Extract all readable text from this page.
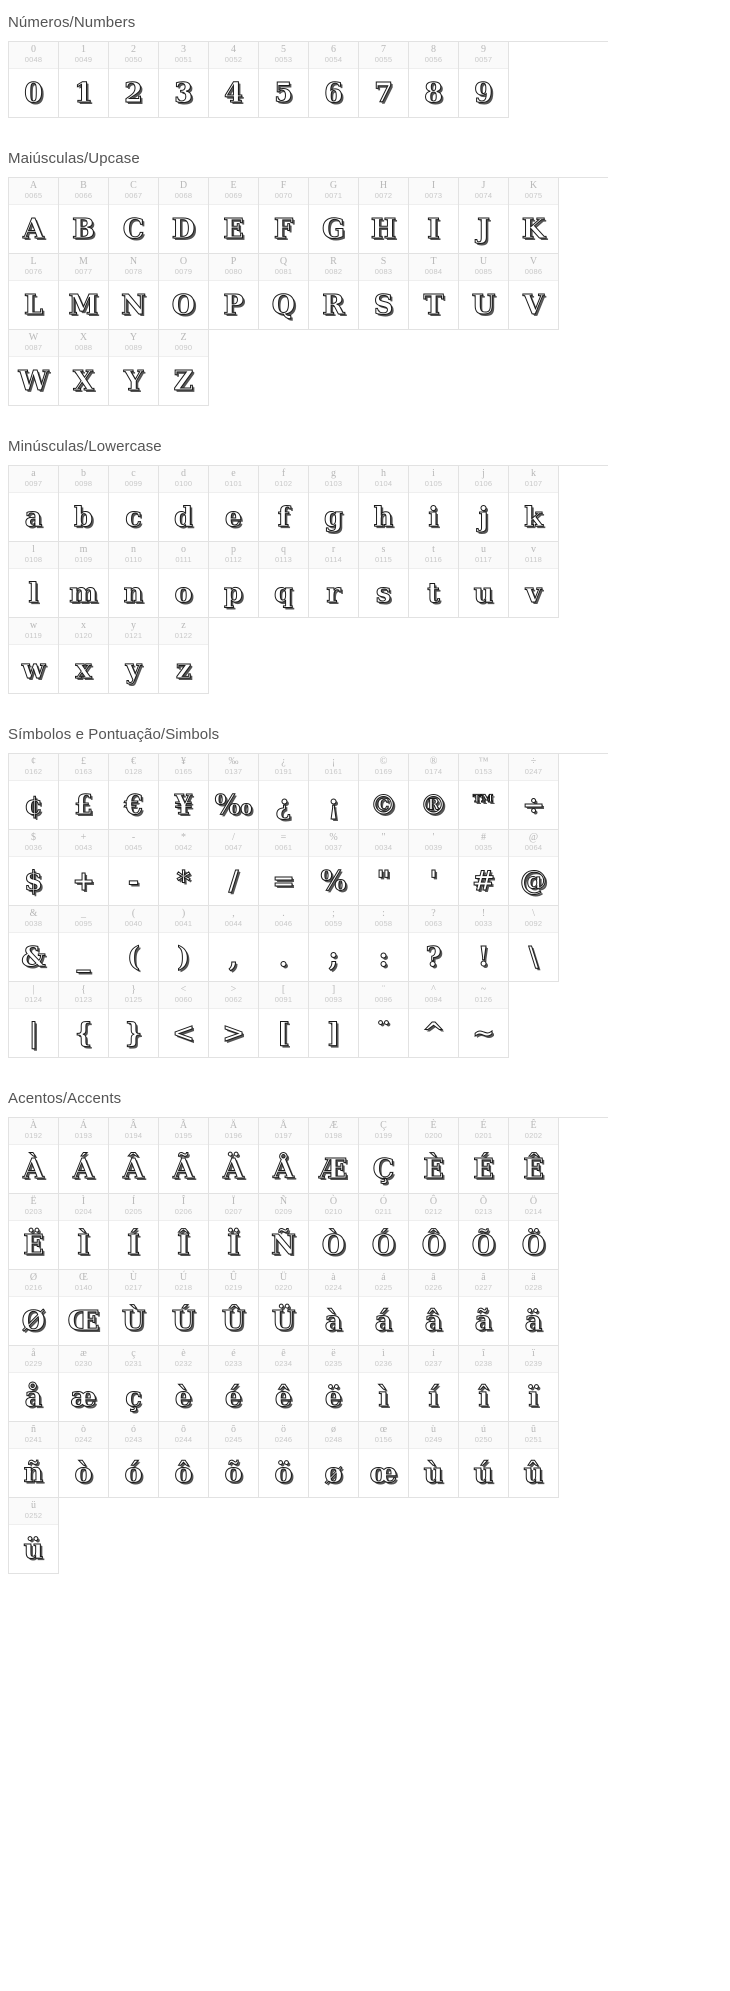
Números/Numbers
0
0048
0
1
0049
1
2
0050
2
3
0051
3
4
0052
4
5
0053
5
6
0054
6
7
0055
7
8
0056
8
9
0057
9
Maiúsculas/Upcase
A
0065
A
B
0066
B
C
0067
C
D
0068
D
E
0069
E
F
0070
F
G
0071
G
H
0072
H
I
0073
I
J
0074
J
K
0075
K
L
0076
L
M
0077
M
N
0078
N
O
0079
O
P
0080
P
Q
0081
Q
R
0082
R
S
0083
S
T
0084
T
U
0085
U
V
0086
V
W
0087
W
X
0088
X
Y
0089
Y
Z
0090
Z
Minúsculas/Lowercase
a
0097
a
b
0098
b
c
0099
c
d
0100
d
e
0101
e
f
0102
f
g
0103
g
h
0104
h
i
0105
i
j
0106
j
k
0107
k
l
0108
l
m
0109
m
n
0110
n
o
0111
o
p
0112
p
q
0113
q
r
0114
r
s
0115
s
t
0116
t
u
0117
u
v
0118
v
w
0119
w
x
0120
x
y
0121
y
z
0122
z
Símbolos e Pontuação/Simbols
¢
0162
¢
£
0163
£
€
0128
€
¥
0165
¥
‰
0137
‰
¿
0191
¿
¡
0161
¡
©
0169
©
®
0174
®
™
0153
™
÷
0247
÷
$
0036
$
+
0043
+
-
0045
-
*
0042
*
/
0047
/
=
0061
=
%
0037
%
"
0034
"
'
0039
'
#
0035
#
@
0064
@
&
0038
&
_
0095
_
(
0040
(
)
0041
)
,
0044
,
.
0046
.
;
0059
;
:
0058
:
?
0063
?
!
0033
!
\
0092
\
|
0124
|
{
0123
{
}
0125
}
<
0060
<
>
0062
>
[
0091
[
]
0093
]
¨
0096
¨
^
0094
^
~
0126
~
Acentos/Accents
À
0192
À
Á
0193
Á
Â
0194
Â
Ã
0195
Ã
Ä
0196
Ä
Å
0197
Å
Æ
0198
Æ
Ç
0199
Ç
È
0200
È
É
0201
É
Ê
0202
Ê
Ë
0203
Ë
Ì
0204
Ì
Í
0205
Í
Î
0206
Î
Ï
0207
Ï
Ñ
0209
Ñ
Ò
0210
Ò
Ó
0211
Ó
Ô
0212
Ô
Õ
0213
Õ
Ö
0214
Ö
Ø
0216
Ø
Œ
0140
Œ
Ù
0217
Ù
Ú
0218
Ú
Û
0219
Û
Ü
0220
Ü
à
0224
à
á
0225
á
â
0226
â
ã
0227
ã
ä
0228
ä
å
0229
å
æ
0230
æ
ç
0231
ç
è
0232
è
é
0233
é
ê
0234
ê
ë
0235
ë
ì
0236
ì
í
0237
í
î
0238
î
ï
0239
ï
ñ
0241
ñ
ò
0242
ò
ó
0243
ó
ô
0244
ô
õ
0245
õ
ö
0246
ö
ø
0248
ø
œ
0156
œ
ù
0249
ù
ú
0250
ú
û
0251
û
ü
0252
ü
